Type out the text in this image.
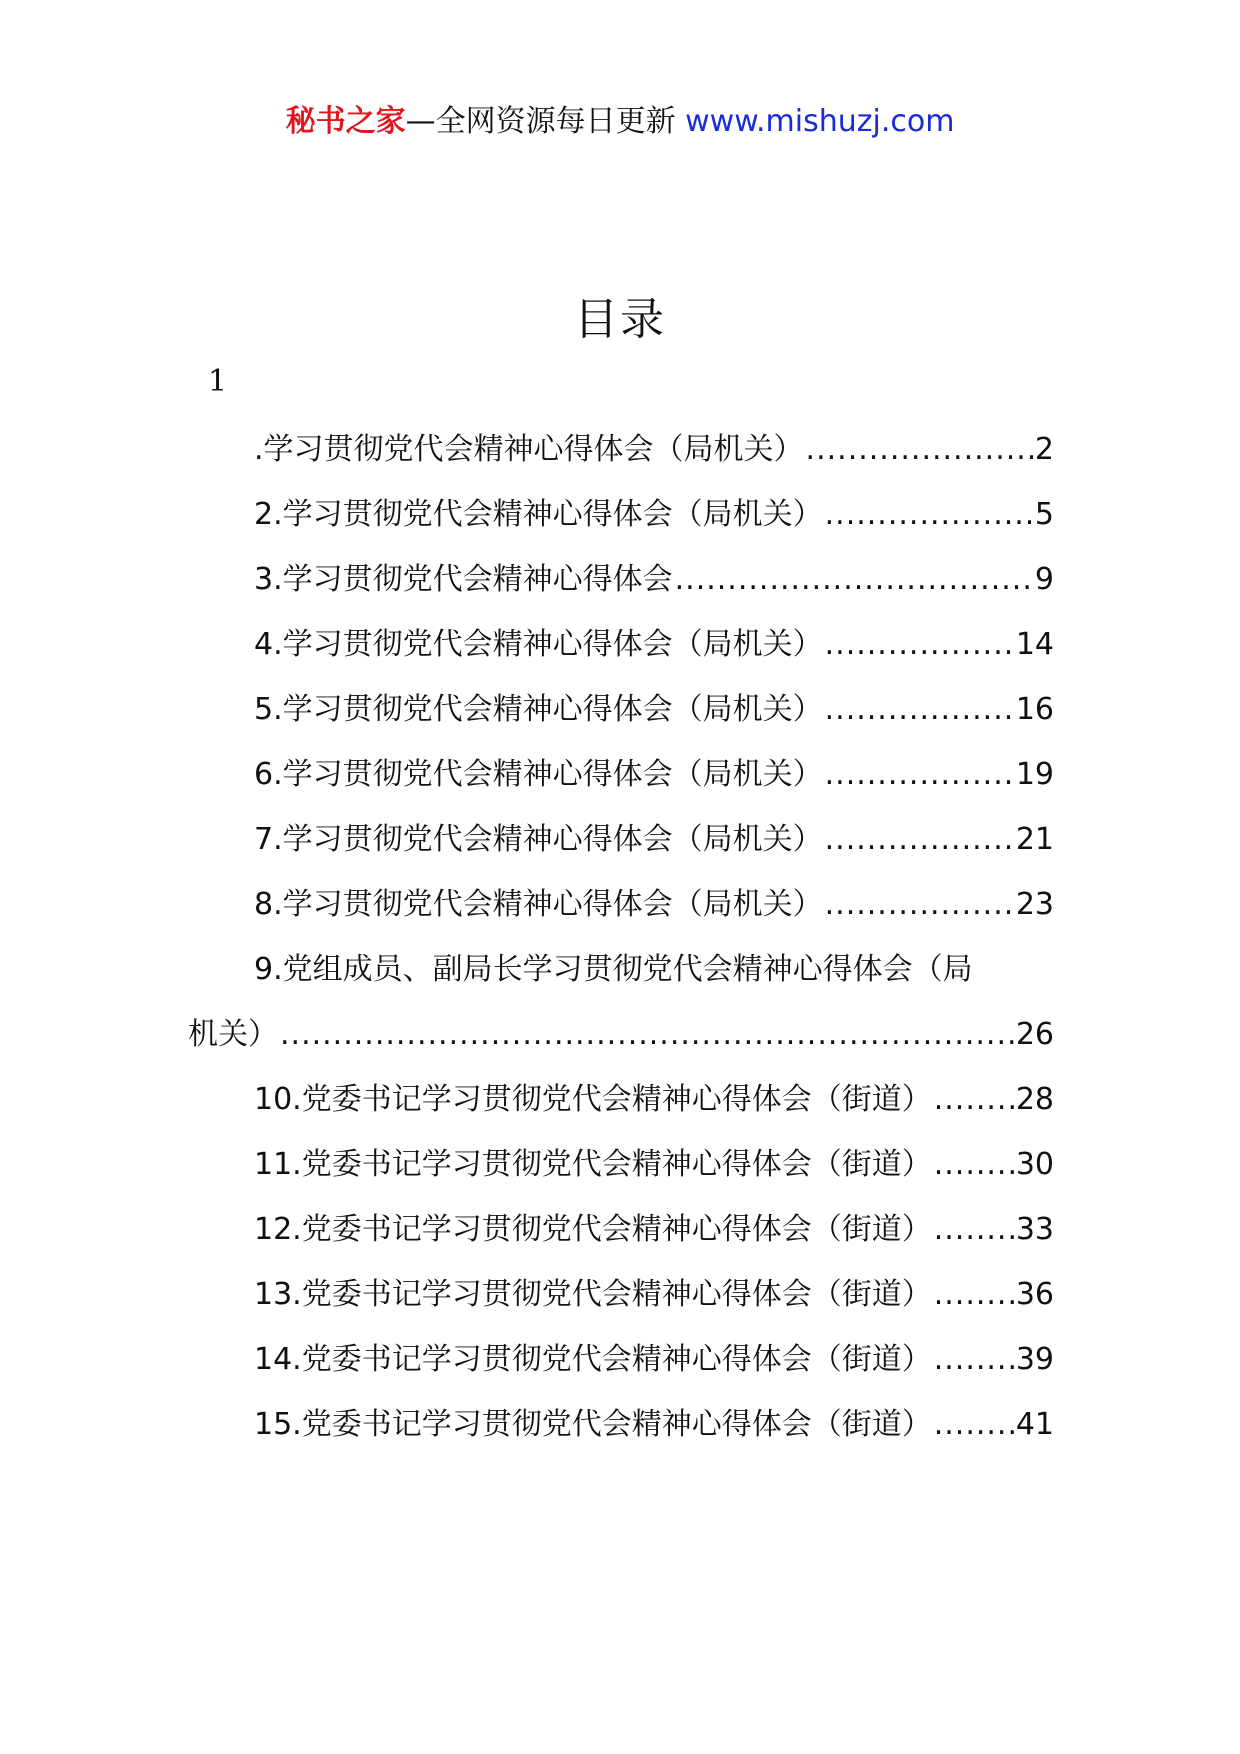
秘书之家—全网资源每日更新 www.mishuzj.com
目录
1
.学习贯彻党代会精神心得体会（局机关） .....	2
2.学习贯彻党代会精神心得体会（局机关） .....	5
3.学习贯彻党代会精神心得体会 .....	9
4.学习贯彻党代会精神心得体会（局机关） .....	14
5.学习贯彻党代会精神心得体会（局机关） .....	16
6.学习贯彻党代会精神心得体会（局机关） .....	19
7.学习贯彻党代会精神心得体会（局机关） .....	21
8.学习贯彻党代会精神心得体会（局机关） .....	23
9.党组成员、副局长学习贯彻党代会精神心得体会（局
机关） .....	26
10.党委书记学习贯彻党代会精神心得体会（街道） .....	28
11.党委书记学习贯彻党代会精神心得体会（街道） .....	30
12.党委书记学习贯彻党代会精神心得体会（街道） .....	33
13.党委书记学习贯彻党代会精神心得体会（街道） .....	36
14.党委书记学习贯彻党代会精神心得体会（街道） .....	39
15.党委书记学习贯彻党代会精神心得体会（街道） .....	41
